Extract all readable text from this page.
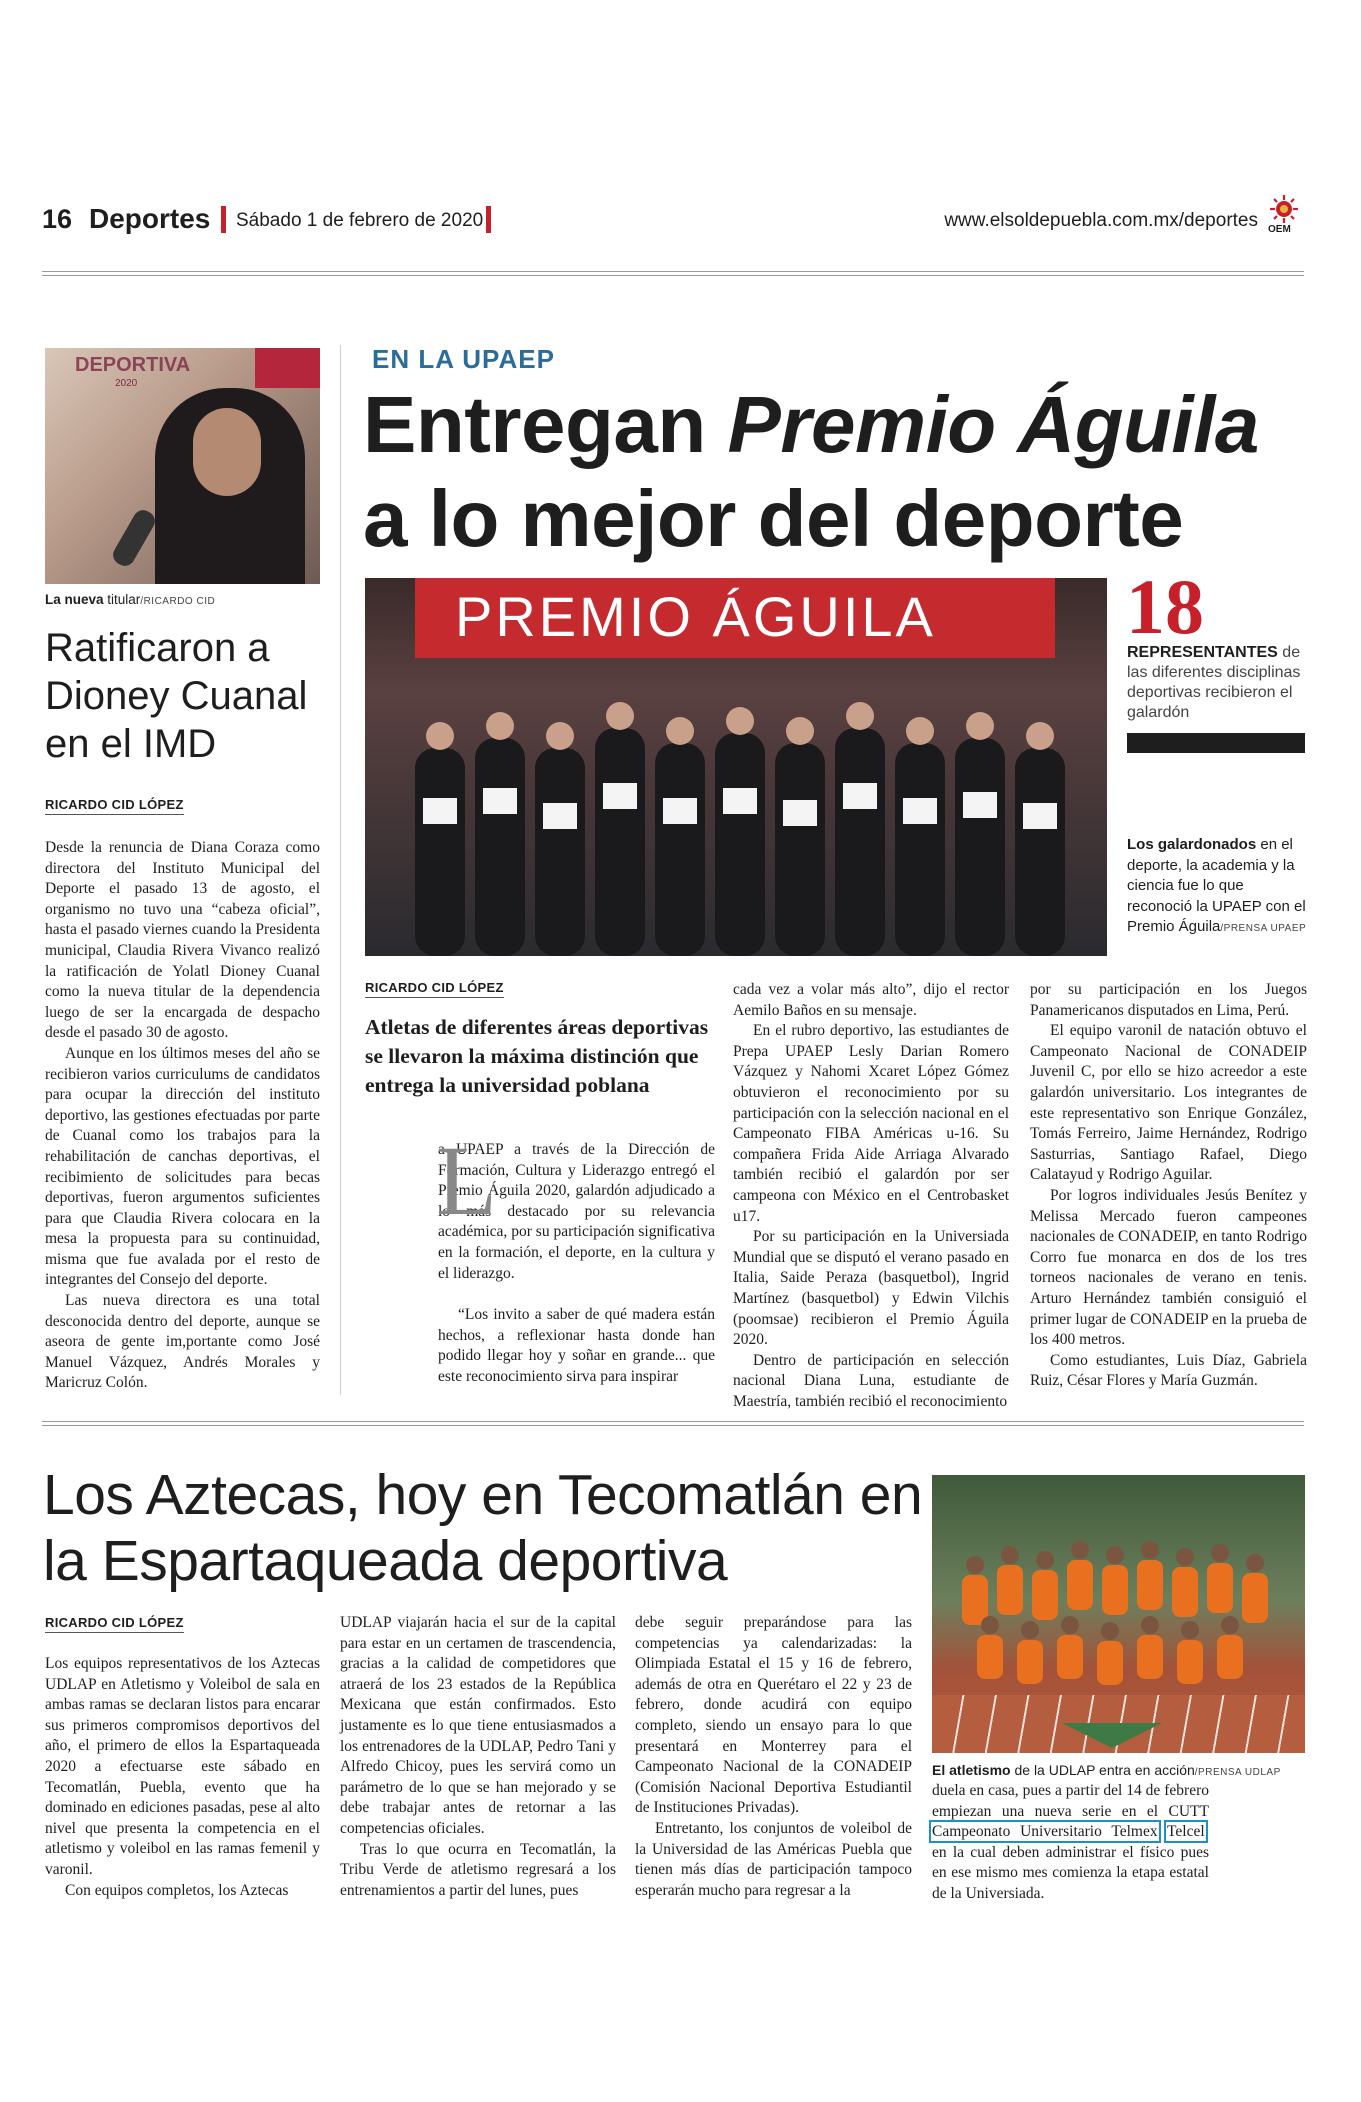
16 Deportes Sábado 1 de febrero de 2020	www.elsoldepuebla.com.mx/deportes OEM
DEPORTIVA
2020
La nueva titular/RICARDO CID
Ratificaron a Dioney Cuanal en el IMD
RICARDO CID LÓPEZ

Desde la renuncia de Diana Coraza como directora del Instituto Municipal del Deporte el pasado 13 de agosto, el organismo no tuvo una “cabeza oficial”, hasta el pasado viernes cuando la Presidenta municipal, Claudia Rivera Vivanco realizó la ratificación de Yolatl Dioney Cuanal como la nueva titular de la dependencia luego de ser la encargada de despacho desde el pasado 30 de agosto.

Aunque en los últimos meses del año se recibieron varios curriculums de candidatos para ocupar la dirección del instituto deportivo, las gestiones efectuadas por parte de Cuanal como los trabajos para la rehabilitación de canchas deportivas, el recibimiento de solicitudes para becas deportivas, fueron argumentos suficientes para que Claudia Rivera colocara en la mesa la propuesta para su continuidad, misma que fue avalada por el resto de integrantes del Consejo del deporte.

Las nueva directora es una total desconocida dentro del deporte, aunque se aseora de gente im,portante como José Manuel Vázquez, Andrés Morales y Maricruz Colón.

EN LA UPAEP
Entregan Premio Águila
a lo mejor del deporte
PREMIO ÁGUILA 18
REPRESENTANTES de las diferentes disciplinas deportivas recibieron el galardón
Los galardonados en el deporte, la academia y la ciencia fue lo que reconoció la UPAEP con el Premio Águila/PRENSA UPAEP
RICARDO CID LÓPEZ
Atletas de diferentes áreas deportivas se llevaron la máxima distinción que entrega la universidad poblana

a UPAEP a través de la Dirección de Formación, Cultura y Liderazgo entregó el Premio Águila 2020, galardón adjudicado a lo más destacado por su relevancia académica, por su participación significativa en la formación, el deporte, en la cultura y el liderazgo.

L

“Los invito a saber de qué madera están hechos, a reflexionar hasta donde han podido llegar hoy y soñar en grande... que este reconocimiento sirva para inspirar

cada vez a volar más alto”, dijo el rector Aemilo Baños en su mensaje.

En el rubro deportivo, las estudiantes de Prepa UPAEP Lesly Darian Romero Vázquez y Nahomi Xcaret López Gómez obtuvieron el reconocimiento por su participación con la selección nacional en el Campeonato FIBA Américas u-16. Su compañera Frida Aide Arriaga Alvarado también recibió el galardón por ser campeona con México en el Centrobasket u17.

Por su participación en la Universiada Mundial que se disputó el verano pasado en Italia, Saide Peraza (basquetbol), Ingrid Martínez (basquetbol) y Edwin Vilchis (poomsae) recibieron el Premio Águila 2020.

Dentro de participación en selección nacional Diana Luna, estudiante de Maestría, también recibió el reconocimiento

por su participación en los Juegos Panamericanos disputados en Lima, Perú.

El equipo varonil de natación obtuvo el Campeonato Nacional de CONADEIP Juvenil C, por ello se hizo acreedor a este galardón universitario. Los integrantes de este representativo son Enrique González, Tomás Ferreiro, Jaime Hernández, Rodrigo Sasturrias, Santiago Rafael, Diego Calatayud y Rodrigo Aguilar.

Por logros individuales Jesús Benítez y Melissa Mercado fueron campeones nacionales de CONADEIP, en tanto Rodrigo Corro fue monarca en dos de los tres torneos nacionales de verano en tenis. Arturo Hernández también consiguió el primer lugar de CONADEIP en la prueba de los 400 metros.

Como estudiantes, Luis Díaz, Gabriela Ruiz, César Flores y María Guzmán.

Los Aztecas, hoy en Tecomatlán en la Espartaqueada deportiva
RICARDO CID LÓPEZ

Los equipos representativos de los Aztecas UDLAP en Atletismo y Voleibol de sala en ambas ramas se declaran listos para encarar sus primeros compromisos deportivos del año, el primero de ellos la Espartaqueada 2020 a efectuarse este sábado en Tecomatlán, Puebla, evento que ha dominado en ediciones pasadas, pese al alto nivel que presenta la competencia en el atletismo y voleibol en las ramas femenil y varonil.

Con equipos completos, los Aztecas

UDLAP viajarán hacia el sur de la capital para estar en un certamen de trascendencia, gracias a la calidad de competidores que atraerá de los 23 estados de la República Mexicana que están confirmados. Esto justamente es lo que tiene entusiasmados a los entrenadores de la UDLAP, Pedro Tani y Alfredo Chicoy, pues les servirá como un parámetro de lo que se han mejorado y se debe trabajar antes de retornar a las competencias oficiales.

Tras lo que ocurra en Tecomatlán, la Tribu Verde de atletismo regresará a los entrenamientos a partir del lunes, pues

debe seguir preparándose para las competencias ya calendarizadas: la Olimpiada Estatal el 15 y 16 de febrero, además de otra en Querétaro el 22 y 23 de febrero, donde acudirá con equipo completo, siendo un ensayo para lo que presentará en Monterrey para el Campeonato Nacional de la CONADEIP (Comisión Nacional Deportiva Estudiantil de Instituciones Privadas).

Entretanto, los conjuntos de voleibol de la Universidad de las Américas Puebla que tienen más días de participación tampoco esperarán mucho para regresar a la

El atletismo de la UDLAP entra en acción/PRENSA UDLAP

duela en casa, pues a partir del 14 de febrero empiezan una nueva serie en el CUTT Campeonato Universitario Telmex Telcel; en la cual deben administrar el físico pues en ese mismo mes comienza la etapa estatal de la Universiada.
